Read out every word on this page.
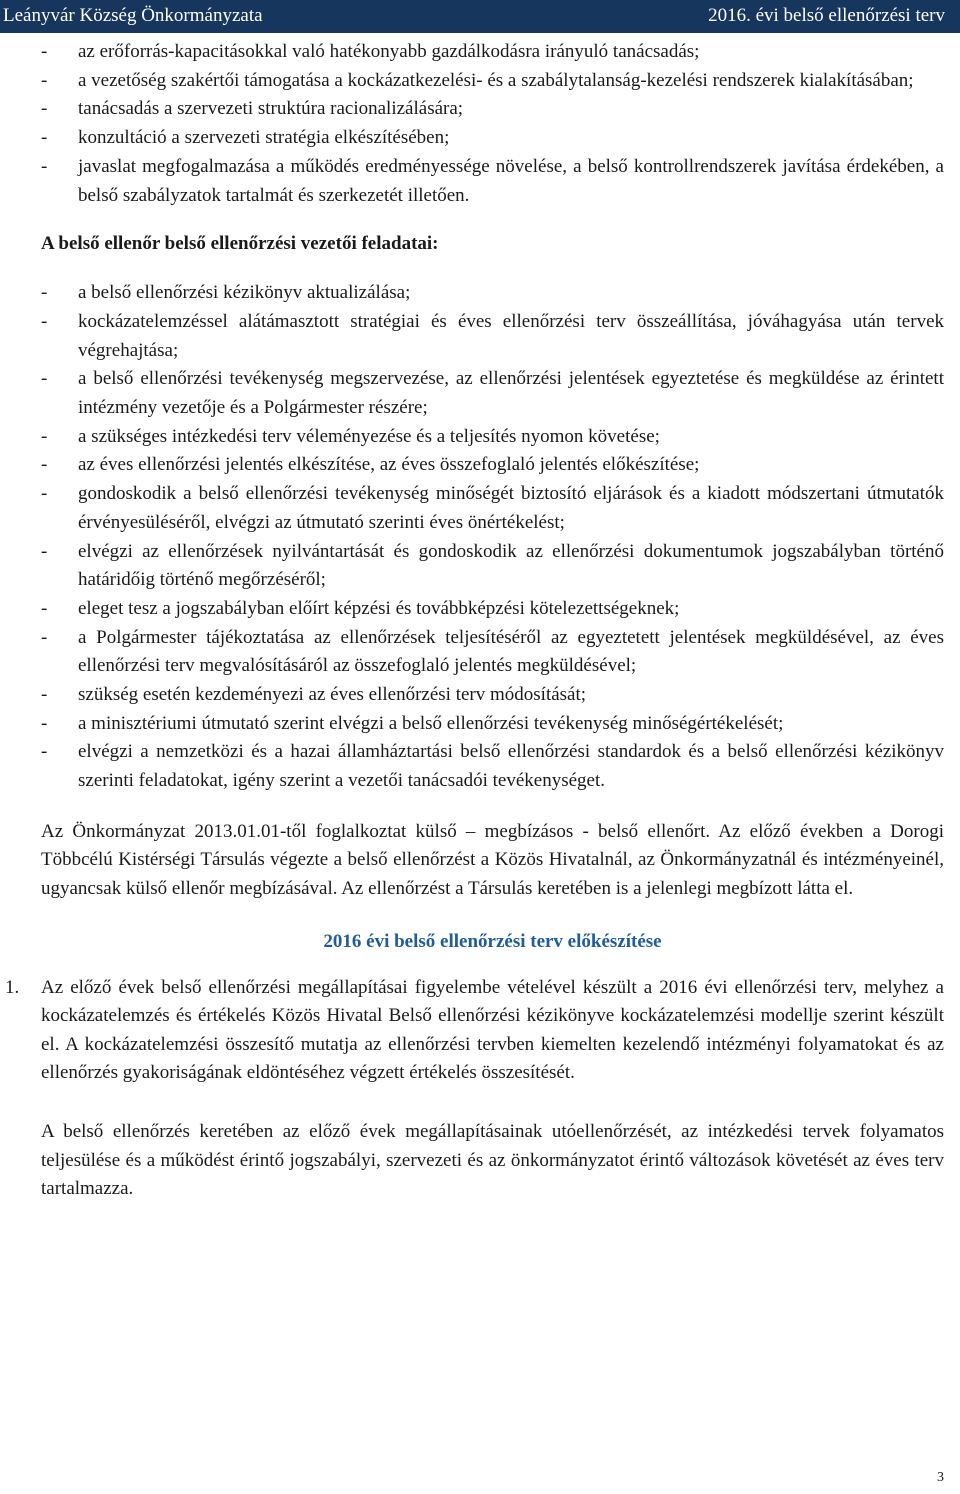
Leányvár Község Önkormányzata	2016. évi belső ellenőrzési terv
- az erőforrás-kapacitásokkal való hatékonyabb gazdálkodásra irányuló tanácsadás;
- a vezetőség szakértői támogatása a kockázatkezelési- és a szabálytalanság-kezelési rendszerek kialakításában;
- tanácsadás a szervezeti struktúra racionalizálására;
- konzultáció a szervezeti stratégia elkészítésében;
- javaslat megfogalmazása a működés eredményessége növelése, a belső kontrollrendszerek javítása érdekében, a belső szabályzatok tartalmát és szerkezetét illetően.
A belső ellenőr belső ellenőrzési vezetői feladatai:
- a belső ellenőrzési kézikönyv aktualizálása;
- kockázatelemzéssel alátámasztott stratégiai és éves ellenőrzési terv összeállítása, jóváhagyása után tervek végrehajtása;
- a belső ellenőrzési tevékenység megszervezése, az ellenőrzési jelentések egyeztetése és megküldése az érintett intézmény vezetője és a Polgármester részére;
- a szükséges intézkedési terv véleményezése és a teljesítés nyomon követése;
- az éves ellenőrzési jelentés elkészítése, az éves összefoglaló jelentés előkészítése;
- gondoskodik a belső ellenőrzési tevékenység minőségét biztosító eljárások és a kiadott módszertani útmutatók érvényesüléséről, elvégzi az útmutató szerinti éves önértékelést;
- elvégzi az ellenőrzések nyilvántartását és gondoskodik az ellenőrzési dokumentumok jogszabályban történő határidőig történő megőrzéséről;
- eleget tesz a jogszabályban előírt képzési és továbbképzési kötelezettségeknek;
- a Polgármester tájékoztatása az ellenőrzések teljesítéséről az egyeztetett jelentések megküldésével, az éves ellenőrzési terv megvalósításáról az összefoglaló jelentés megküldésével;
- szükség esetén kezdeményezi az éves ellenőrzési terv módosítását;
- a minisztériumi útmutató szerint elvégzi a belső ellenőrzési tevékenység minőségértékelését;
- elvégzi a nemzetközi és a hazai államháztartási belső ellenőrzési standardok és a belső ellenőrzési kézikönyv szerinti feladatokat, igény szerint a vezetői tanácsadói tevékenységet.

Az Önkormányzat 2013.01.01-től foglalkoztat külső – megbízásos - belső ellenőrt. Az előző években a Dorogi Többcélú Kistérségi Társulás végezte a belső ellenőrzést a Közös Hivatalnál, az Önkormányzatnál és intézményeinél, ugyancsak külső ellenőr megbízásával. Az ellenőrzést a Társulás keretében is a jelenlegi megbízott látta el.

2016 évi belső ellenőrzési terv előkészítése
1. Az előző évek belső ellenőrzési megállapításai figyelembe vételével készült a 2016 évi ellenőrzési terv, melyhez a kockázatelemzés és értékelés Közös Hivatal Belső ellenőrzési kézikönyve kockázatelemzési modellje szerint készült el. A kockázatelemzési összesítő mutatja az ellenőrzési tervben kiemelten kezelendő intézményi folyamatokat és az ellenőrzés gyakoriságának eldöntéséhez végzett értékelés összesítését.

A belső ellenőrzés keretében az előző évek megállapításainak utóellenőrzését, az intézkedési tervek folyamatos teljesülése és a működést érintő jogszabályi, szervezeti és az önkormányzatot érintő változások követését az éves terv tartalmazza.

3
